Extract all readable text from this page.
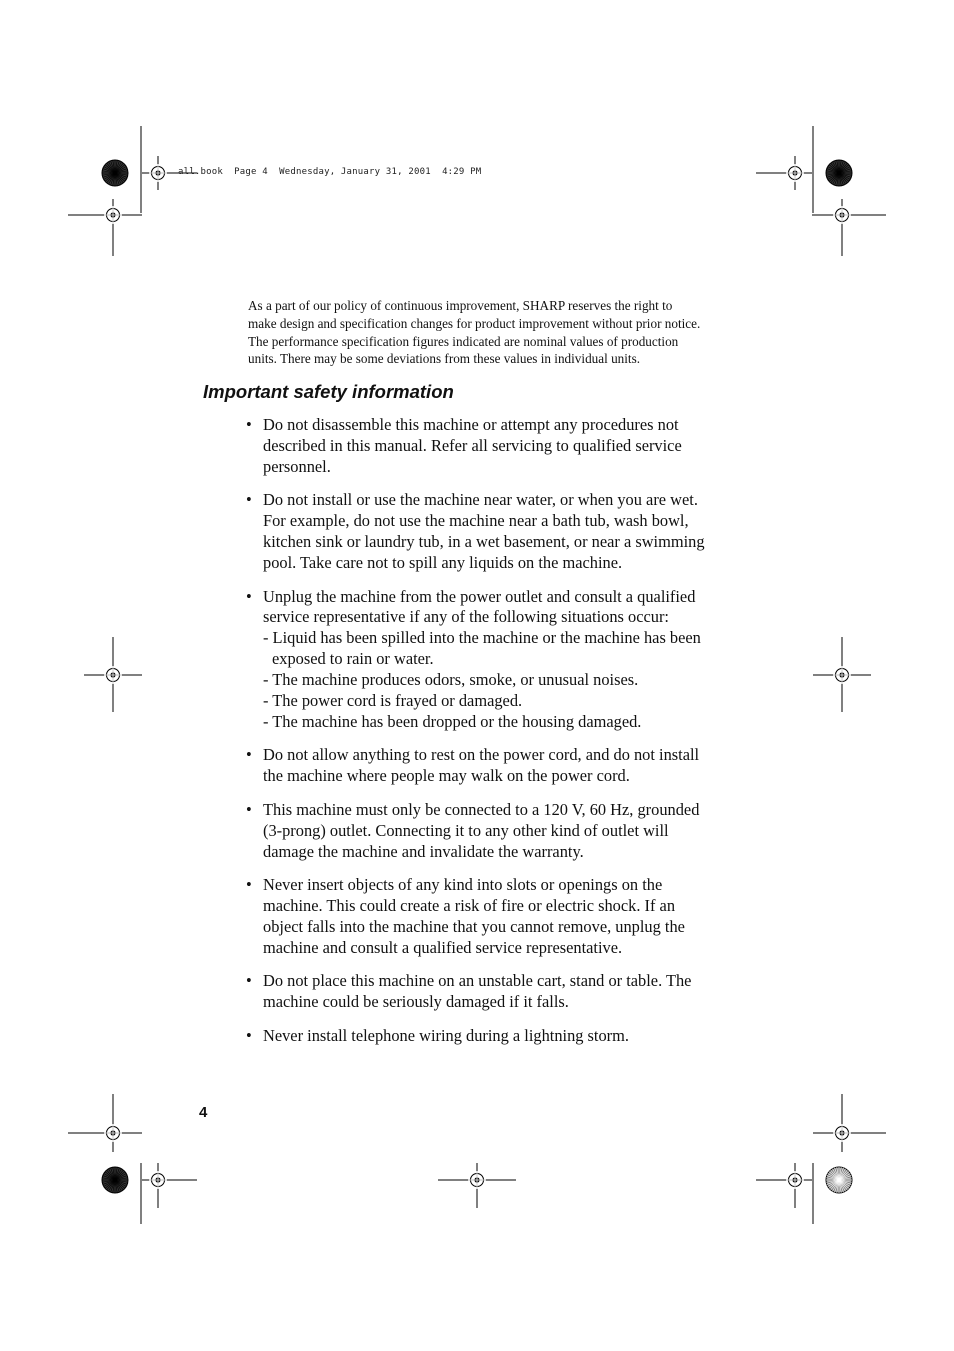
all.book  Page 4  Wednesday, January 31, 2001  4:29 PM
As a part of our policy of continuous improvement, SHARP reserves the right to
make design and specification changes for product improvement without prior notice.
The performance specification figures indicated are nominal values of production
units. There may be some deviations from these values in individual units.
Important safety information
• Do not disassemble this machine or attempt any procedures not
described in this manual. Refer all servicing to qualified service
personnel.
• Do not install or use the machine near water, or when you are wet.
For example, do not use the machine near a bath tub, wash bowl,
kitchen sink or laundry tub, in a wet basement, or near a swimming
pool. Take care not to spill any liquids on the machine.
• Unplug the machine from the power outlet and consult a qualified
service representative if any of the following situations occur:
- Liquid has been spilled into the machine or the machine has been
exposed to rain or water.
- The machine produces odors, smoke, or unusual noises.
- The power cord is frayed or damaged.
- The machine has been dropped or the housing damaged.
• Do not allow anything to rest on the power cord, and do not install
the machine where people may walk on the power cord.
• This machine must only be connected to a 120 V, 60 Hz, grounded
(3-prong) outlet. Connecting it to any other kind of outlet will
damage the machine and invalidate the warranty.
• Never insert objects of any kind into slots or openings on the
machine. This could create a risk of fire or electric shock. If an
object falls into the machine that you cannot remove, unplug the
machine and consult a qualified service representative.
• Do not place this machine on an unstable cart, stand or table. The
machine could be seriously damaged if it falls.
• Never install telephone wiring during a lightning storm.
4
